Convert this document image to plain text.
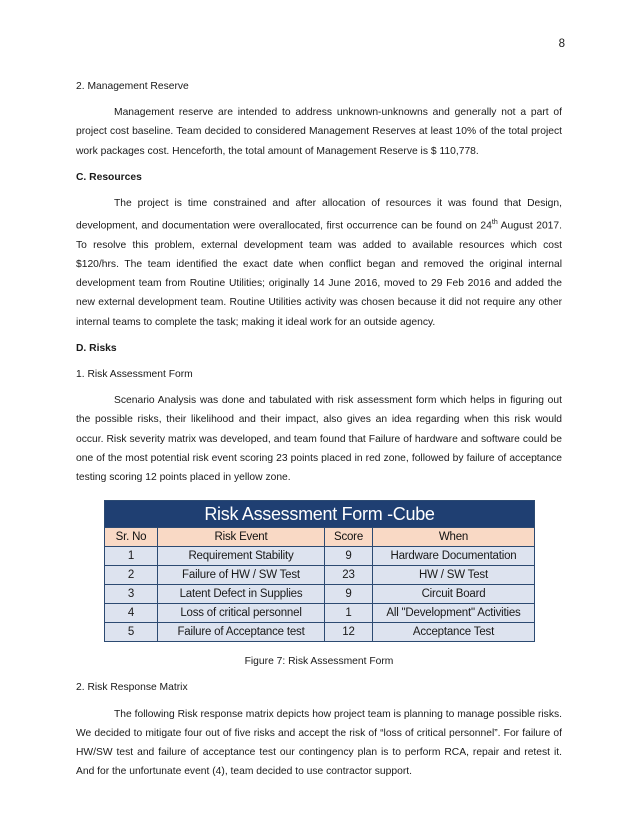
8

2. Management Reserve

Management reserve are intended to address unknown-unknowns and generally not a part of project cost baseline. Team decided to considered Management Reserves at least 10% of the total project work packages cost. Henceforth, the total amount of Management Reserve is $ 110,778.

C. Resources

The project is time constrained and after allocation of resources it was found that Design, development, and documentation were overallocated, first occurrence can be found on 24th August 2017. To resolve this problem, external development team was added to available resources which cost $120/hrs. The team identified the exact date when conflict began and removed the original internal development team from Routine Utilities; originally 14 June 2016, moved to 29 Feb 2016 and added the new external development team. Routine Utilities activity was chosen because it did not require any other internal teams to complete the task; making it ideal work for an outside agency.

D. Risks

1. Risk Assessment Form

Scenario Analysis was done and tabulated with risk assessment form which helps in figuring out the possible risks, their likelihood and their impact, also gives an idea regarding when this risk would occur. Risk severity matrix was developed, and team found that Failure of hardware and software could be one of the most potential risk event scoring 23 points placed in red zone, followed by failure of acceptance testing scoring 12 points placed in yellow zone.

Risk Assessment Form -Cube			
Sr. No	Risk Event	Score	When
1	Requirement Stability	9	Hardware Documentation
2	Failure of HW / SW Test	23	HW / SW Test
3	Latent Defect in Supplies	9	Circuit Board
4	Loss of critical personnel	1	All "Development" Activities
5	Failure of Acceptance test	12	Acceptance Test

Figure 7: Risk Assessment Form

2. Risk Response Matrix

The following Risk response matrix depicts how project team is planning to manage possible risks. We decided to mitigate four out of five risks and accept the risk of “loss of critical personnel”. For failure of HW/SW test and failure of acceptance test our contingency plan is to perform RCA, repair and retest it. And for the unfortunate event (4), team decided to use contractor support.
